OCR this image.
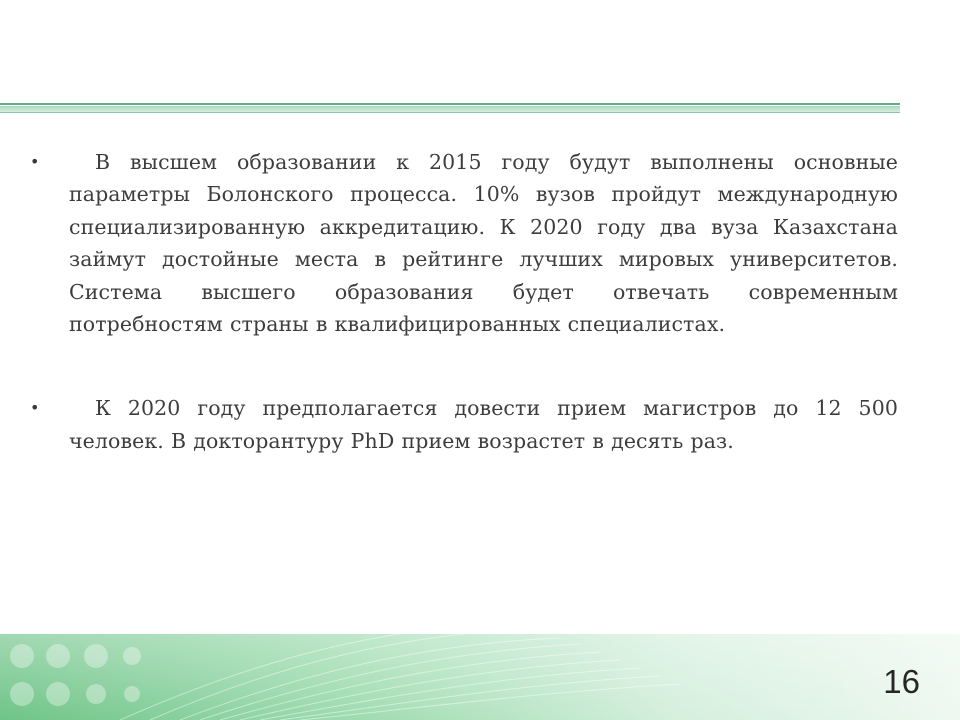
•	В высшем образовании к 2015 году будут выполнены основные параметры Болонского процесса. 10% вузов пройдут международную специализированную аккредитацию. К 2020 году два вуза Казахстана займут достойные места в рейтинге лучших мировых университетов. Система высшего образования будет отвечать современным потребностям страны в квалифицированных специалистах.

•	К 2020 году предполагается довести прием магистров до 12 500 человек. В докторантуру PhD прием возрастет в десять раз.

16
